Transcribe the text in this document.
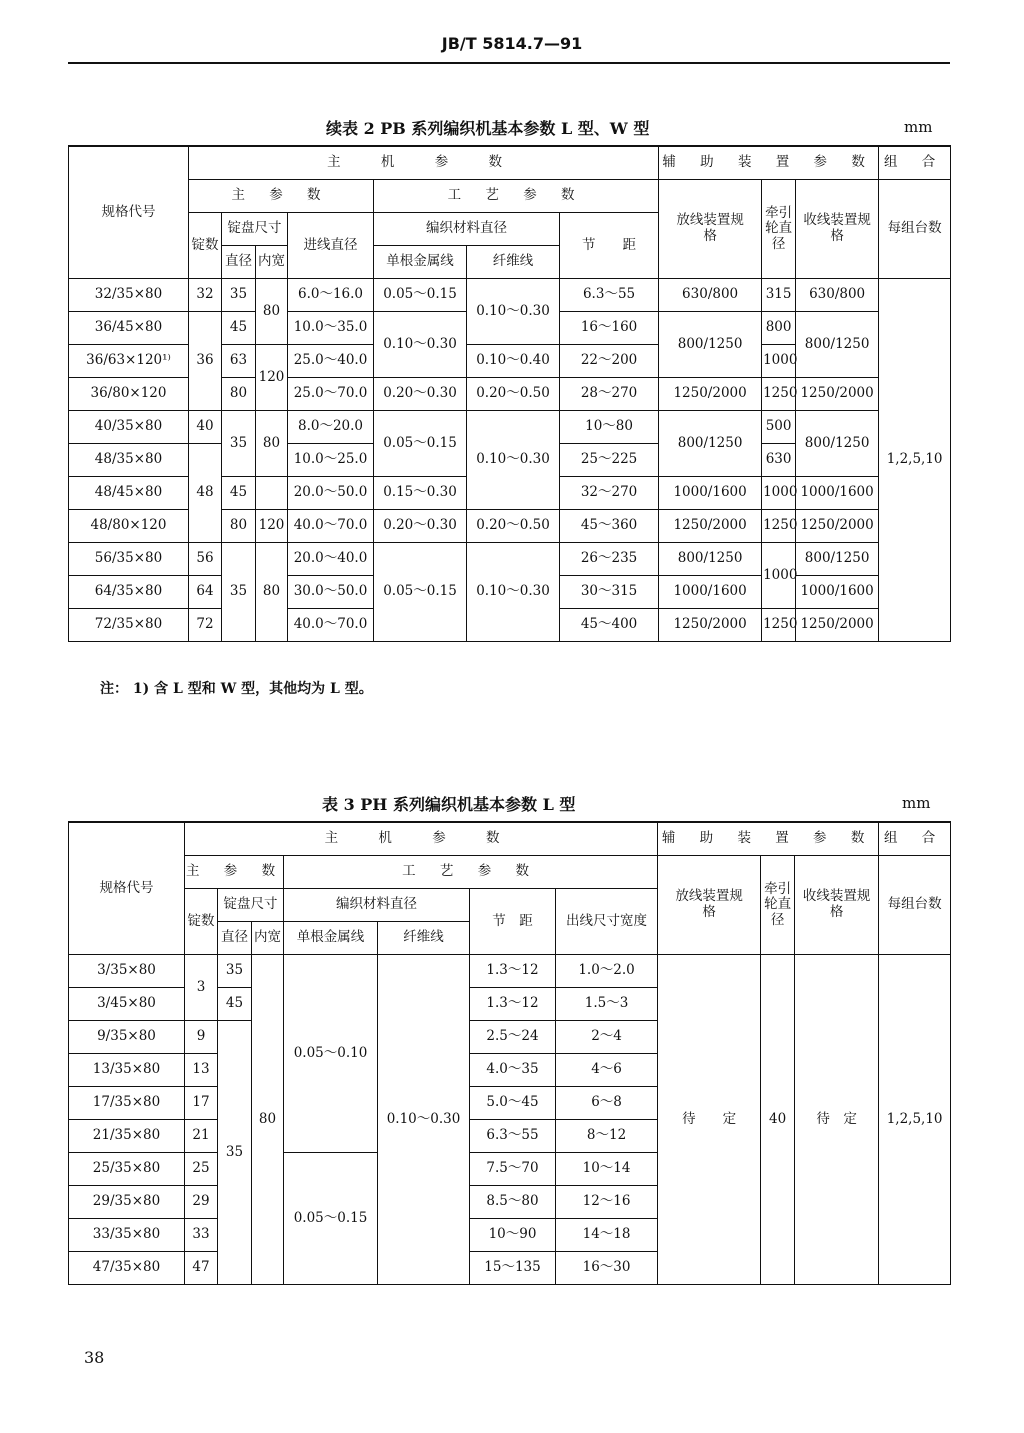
JB/T 5814.7—91
续表 2 PB 系列编织机基本参数 L 型、W 型	mm
规格代号	主 机 参 数							辅 助 装 置 参 数			组 合
	主 参 数				工 艺 参 数			放线装置规　　格	牵引轮直径	收线装置规　　格	每组台数
	锭数	锭盘尺寸		进线直径	编织材料直径		节　　距				
		直径	内宽		单根金属线	纤维线					
32/35×80	32	35	80	6.0～16.0	0.05～0.15	0.10～0.30	6.3～55	630/800	315	630/800	1,2,5,10
36/45×80	36	45		10.0～35.0	0.10～0.30		16～160	800/1250	800	800/1250	
36/63×120¹⁾		63	120	25.0～40.0		0.10～0.40	22～200		1000		
36/80×120		80		25.0～70.0	0.20～0.30	0.20～0.50	28～270	1250/2000	1250	1250/2000	
40/35×80	40	35	80	8.0～20.0	0.05～0.15	0.10～0.30	10～80	800/1250	500	800/1250	
48/35×80	48			10.0～25.0			25～225		630		
48/45×80		45		20.0～50.0	0.15～0.30		32～270	1000/1600	1000	1000/1600	
48/80×120		80	120	40.0～70.0	0.20～0.30	0.20～0.50	45～360	1250/2000	1250	1250/2000	
56/35×80	56	35	80	20.0～40.0	0.05～0.15	0.10～0.30	26～235	800/1250	1000	800/1250	
64/35×80	64			30.0～50.0			30～315	1000/1600		1000/1600	
72/35×80	72			40.0～70.0			45～400	1250/2000	1250	1250/2000	
注： 1) 含 L 型和 W 型，其他均为 L 型。
表 3 PH 系列编织机基本参数 L 型	mm
规格代号	主 机 参 数							辅 助 装 置 参 数			组 合
	主 参 数			工 艺 参 数				放线装置规　　格	牵引轮直径	收线装置规　　格	每组台数
	锭数	锭盘尺寸		编织材料直径		节　距	出线尺寸宽度				
		直径	内宽	单根金属线	纤维线						
3/35×80	3	35	80	0.05～0.10	0.10～0.30	1.3～12	1.0～2.0	待　　定	40	待　定	1,2,5,10
3/45×80		45				1.3～12	1.5～3				
9/35×80	9	35				2.5～24	2～4				
13/35×80	13					4.0～35	4～6				
17/35×80	17					5.0～45	6～8				
21/35×80	21					6.3～55	8～12				
25/35×80	25			0.05～0.15		7.5～70	10～14				
29/35×80	29					8.5～80	12～16				
33/35×80	33					10～90	14～18				
47/35×80	47					15～135	16～30				
38
